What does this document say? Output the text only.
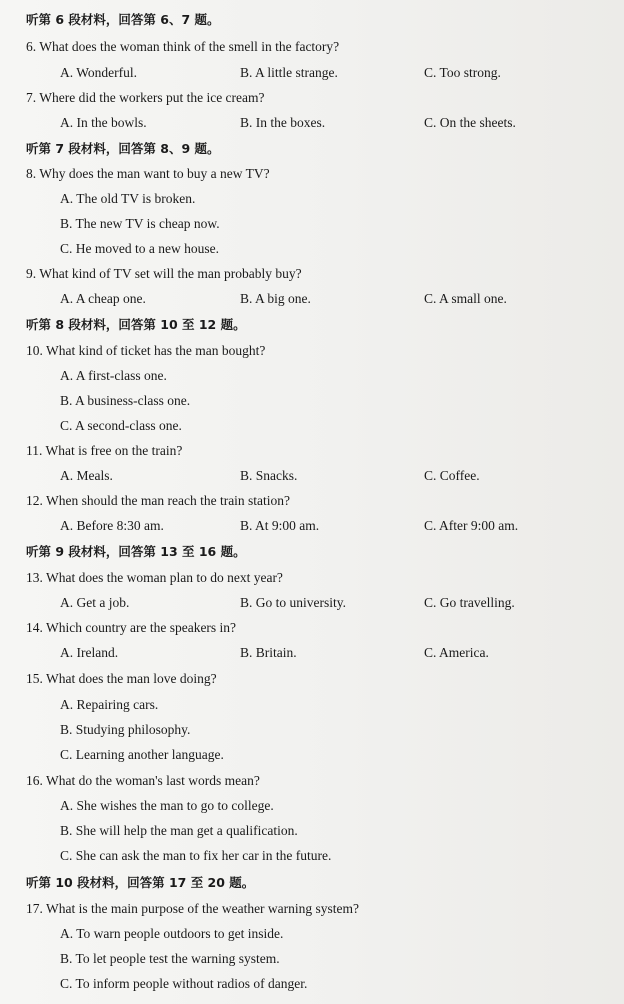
听第 6 段材料，回答第 6、7 题。
6. What does the woman think of the smell in the factory?
A. Wonderful.	B. A little strange.	C. Too strong.
7. Where did the workers put the ice cream?
A. In the bowls.	B. In the boxes.	C. On the sheets.
听第 7 段材料，回答第 8、9 题。
8. Why does the man want to buy a new TV?
A. The old TV is broken.
B. The new TV is cheap now.
C. He moved to a new house.
9. What kind of TV set will the man probably buy?
A. A cheap one.	B. A big one.	C. A small one.
听第 8 段材料，回答第 10 至 12 题。
10. What kind of ticket has the man bought?
A. A first-class one.
B. A business-class one.
C. A second-class one.
11. What is free on the train?
A. Meals.	B. Snacks.	C. Coffee.
12. When should the man reach the train station?
A. Before 8:30 am.	B. At 9:00 am.	C. After 9:00 am.
听第 9 段材料，回答第 13 至 16 题。
13. What does the woman plan to do next year?
A. Get a job.	B. Go to university.	C. Go travelling.
14. Which country are the speakers in?
A. Ireland.	B. Britain.	C. America.
15. What does the man love doing?
A. Repairing cars.
B. Studying philosophy.
C. Learning another language.
16. What do the woman's last words mean?
A. She wishes the man to go to college.
B. She will help the man get a qualification.
C. She can ask the man to fix her car in the future.
听第 10 段材料，回答第 17 至 20 题。
17. What is the main purpose of the weather warning system?
A. To warn people outdoors to get inside.
B. To let people test the warning system.
C. To inform people without radios of danger.
